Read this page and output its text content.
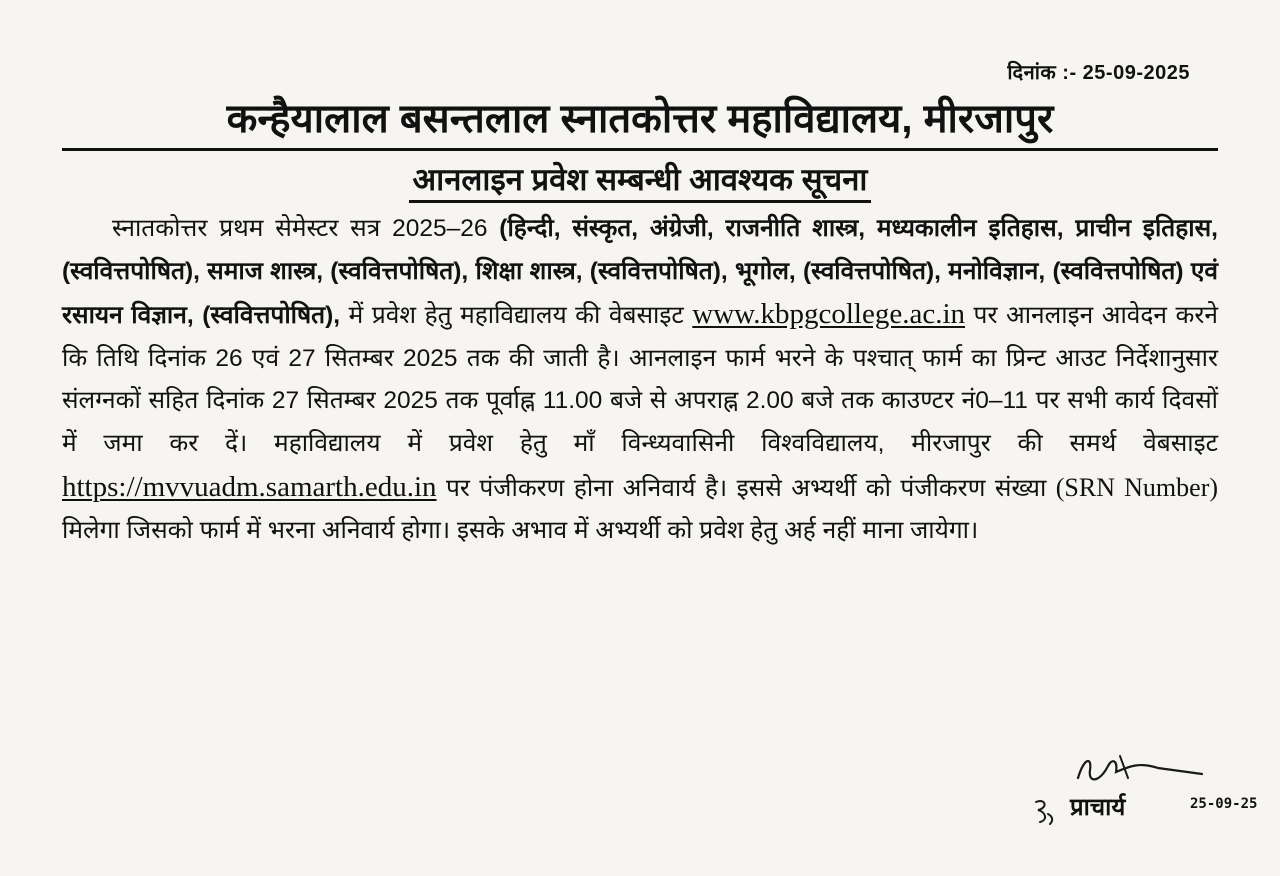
दिनांक :- 25-09-2025
कन्हैयालाल बसन्तलाल स्नातकोत्तर महाविद्यालय, मीरजापुर
आनलाइन प्रवेश सम्बन्धी आवश्यक सूचना
स्नातकोत्तर प्रथम सेमेस्टर सत्र 2025–26 (हिन्दी, संस्कृत, अंग्रेजी, राजनीति शास्त्र, मध्यकालीन इतिहास, प्राचीन इतिहास, (स्ववित्तपोषित), समाज शास्त्र, (स्ववित्तपोषित), शिक्षा शास्त्र, (स्ववित्तपोषित), भूगोल, (स्ववित्तपोषित), मनोविज्ञान, (स्ववित्तपोषित) एवं रसायन विज्ञान, (स्ववित्तपोषित), में प्रवेश हेतु महाविद्यालय की वेबसाइट www.kbpgcollege.ac.in पर आनलाइन आवेदन करने कि तिथि दिनांक 26 एवं 27 सितम्बर 2025 तक की जाती है। आनलाइन फार्म भरने के पश्चात् फार्म का प्रिन्ट आउट निर्देशानुसार संलग्नकों सहित दिनांक 27 सितम्बर 2025 तक पूर्वाह्न 11.00 बजे से अपराह्न 2.00 बजे तक काउण्टर नं0–11 पर सभी कार्य दिवसों में जमा कर दें। महाविद्यालय में प्रवेश हेतु माँ विन्ध्यवासिनी विश्वविद्यालय, मीरजापुर की समर्थ वेबसाइट https://mvvuadm.samarth.edu.in पर पंजीकरण होना अनिवार्य है। इससे अभ्यर्थी को पंजीकरण संख्या (SRN Number) मिलेगा जिसको फार्म में भरना अनिवार्य होगा। इसके अभाव में अभ्यर्थी को प्रवेश हेतु अर्ह नहीं माना जायेगा।
प्राचार्य	25-09-25
